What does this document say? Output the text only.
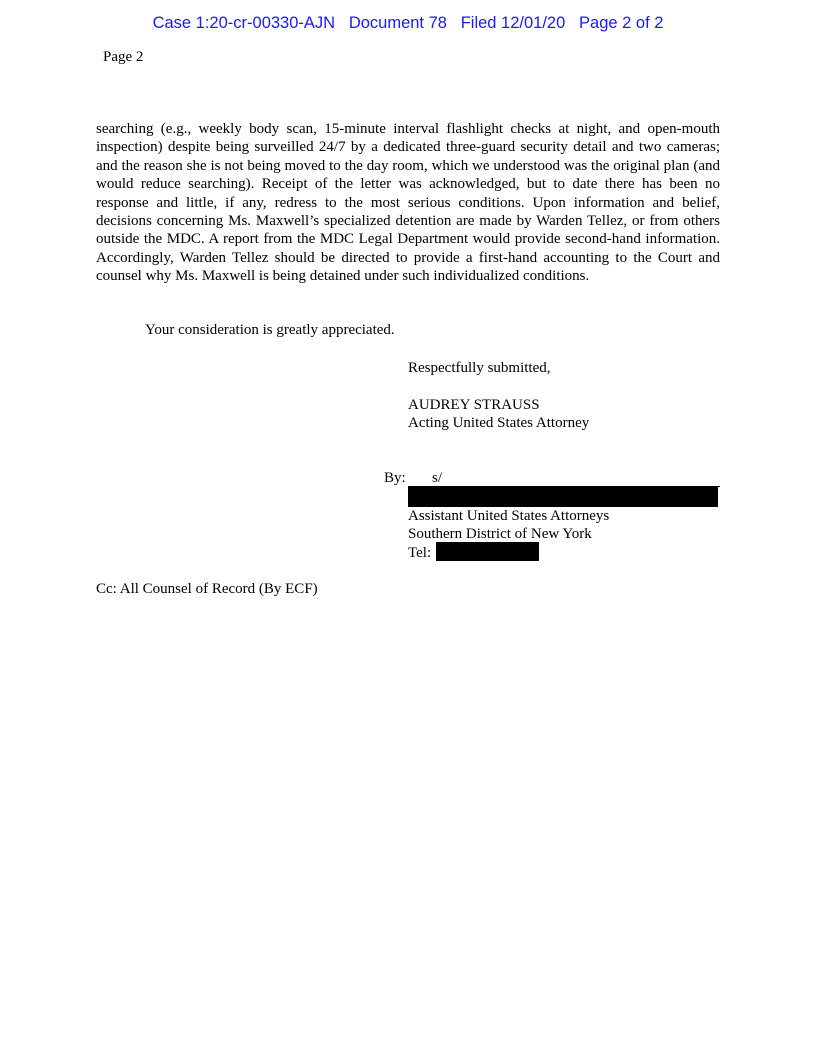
Case 1:20-cr-00330-AJN   Document 78   Filed 12/01/20   Page 2 of 2
Page 2

searching (e.g., weekly body scan, 15-minute interval flashlight checks at night, and open-mouth inspection) despite being surveilled 24/7 by a dedicated three-guard security detail and two cameras; and the reason she is not being moved to the day room, which we understood was the original plan (and would reduce searching). Receipt of the letter was acknowledged, but to date there has been no response and little, if any, redress to the most serious conditions. Upon information and belief, decisions concerning Ms. Maxwell’s specialized detention are made by Warden Tellez, or from others outside the MDC. A report from the MDC Legal Department would provide second-hand information. Accordingly, Warden Tellez should be directed to provide a first-hand accounting to the Court and counsel why Ms. Maxwell is being detained under such individualized conditions.

Your consideration is greatly appreciated.
Respectfully submitted,
AUDREY STRAUSS
Acting United States Attorney
By: s/
Assistant United States Attorneys
Southern District of New York
Tel:
Cc: All Counsel of Record (By ECF)
